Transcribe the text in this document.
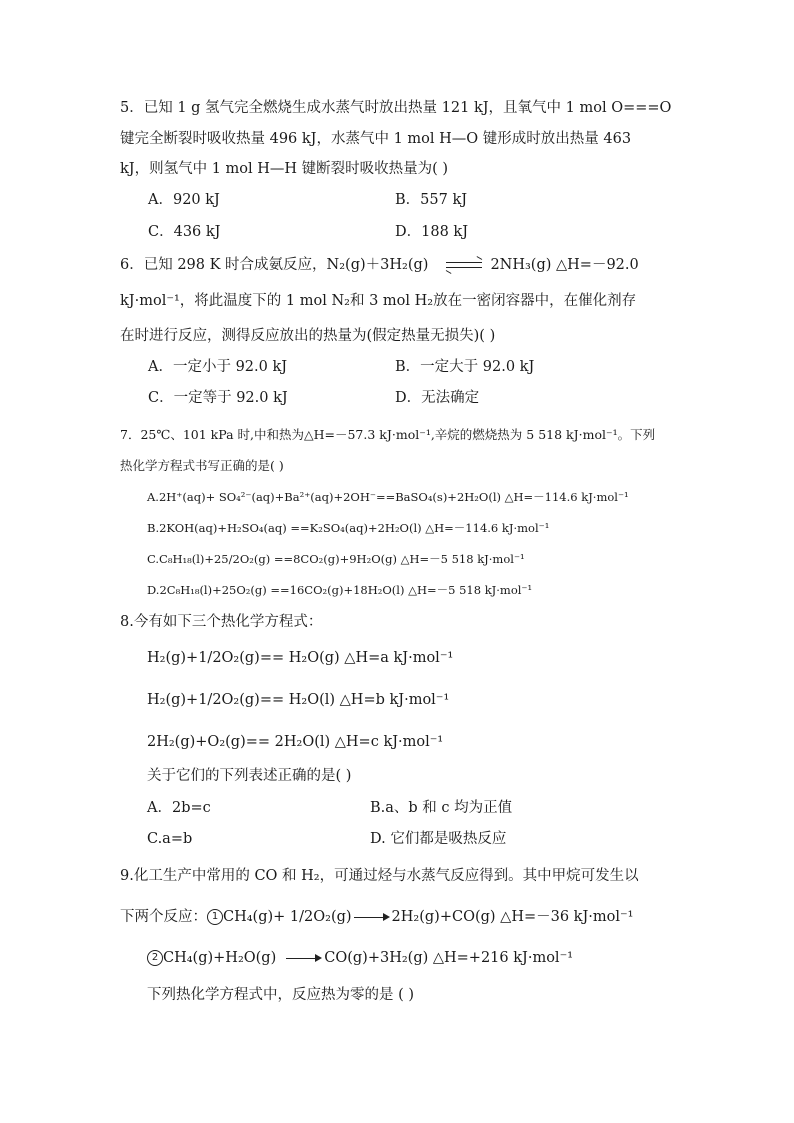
5．已知 1 g 氢气完全燃烧生成水蒸气时放出热量 121 kJ，且氧气中 1 mol O===O
键完全断裂时吸收热量 496 kJ，水蒸气中 1 mol H—O 键形成时放出热量 463
kJ，则氢气中 1 mol H—H 键断裂时吸收热量为( )
A．920 kJ	B．557 kJ
C．436 kJ	D．188 kJ
6．已知 298 K 时合成氨反应，N₂(g)＋3H₂(g) ⇌ 2NH₃(g) △H=－92.0
kJ·mol⁻¹，将此温度下的 1 mol N₂和 3 mol H₂放在一密闭容器中，在催化剂存
在时进行反应，测得反应放出的热量为(假定热量无损失)( )
A．一定小于 92.0 kJ	B．一定大于 92.0 kJ
C．一定等于 92.0 kJ	D．无法确定
7．25℃、101 kPa 时,中和热为△H=－57.3 kJ·mol⁻¹,辛烷的燃烧热为 5 518 kJ·mol⁻¹。下列
热化学方程式书写正确的是( )
A.2H⁺(aq)+ SO₄²⁻(aq)+Ba²⁺(aq)+2OH⁻==BaSO₄(s)+2H₂O(l) △H=－114.6 kJ·mol⁻¹
B.2KOH(aq)+H₂SO₄(aq) ==K₂SO₄(aq)+2H₂O(l) △H=－114.6 kJ·mol⁻¹
C.C₈H₁₈(l)+25/2O₂(g) ==8CO₂(g)+9H₂O(g) △H=－5 518 kJ·mol⁻¹
D.2C₈H₁₈(l)+25O₂(g) ==16CO₂(g)+18H₂O(l) △H=－5 518 kJ·mol⁻¹
8.今有如下三个热化学方程式：
H₂(g)+1/2O₂(g)== H₂O(g) △H=a kJ·mol⁻¹
H₂(g)+1/2O₂(g)== H₂O(l) △H=b kJ·mol⁻¹
2H₂(g)+O₂(g)== 2H₂O(l) △H=c kJ·mol⁻¹
关于它们的下列表述正确的是( )
A．2b=c	B.a、b 和 c 均为正值
C.a=b	D. 它们都是吸热反应
9.化工生产中常用的 CO 和 H₂，可通过烃与水蒸气反应得到。其中甲烷可发生以
下两个反应： 1 CH₄(g)+ 1/2O₂(g)	2H₂(g)+CO(g) △H=－36 kJ·mol⁻¹
2 CH₄(g)+H₂O(g)	CO(g)+3H₂(g) △H=+216 kJ·mol⁻¹
下列热化学方程式中，反应热为零的是 ( )
